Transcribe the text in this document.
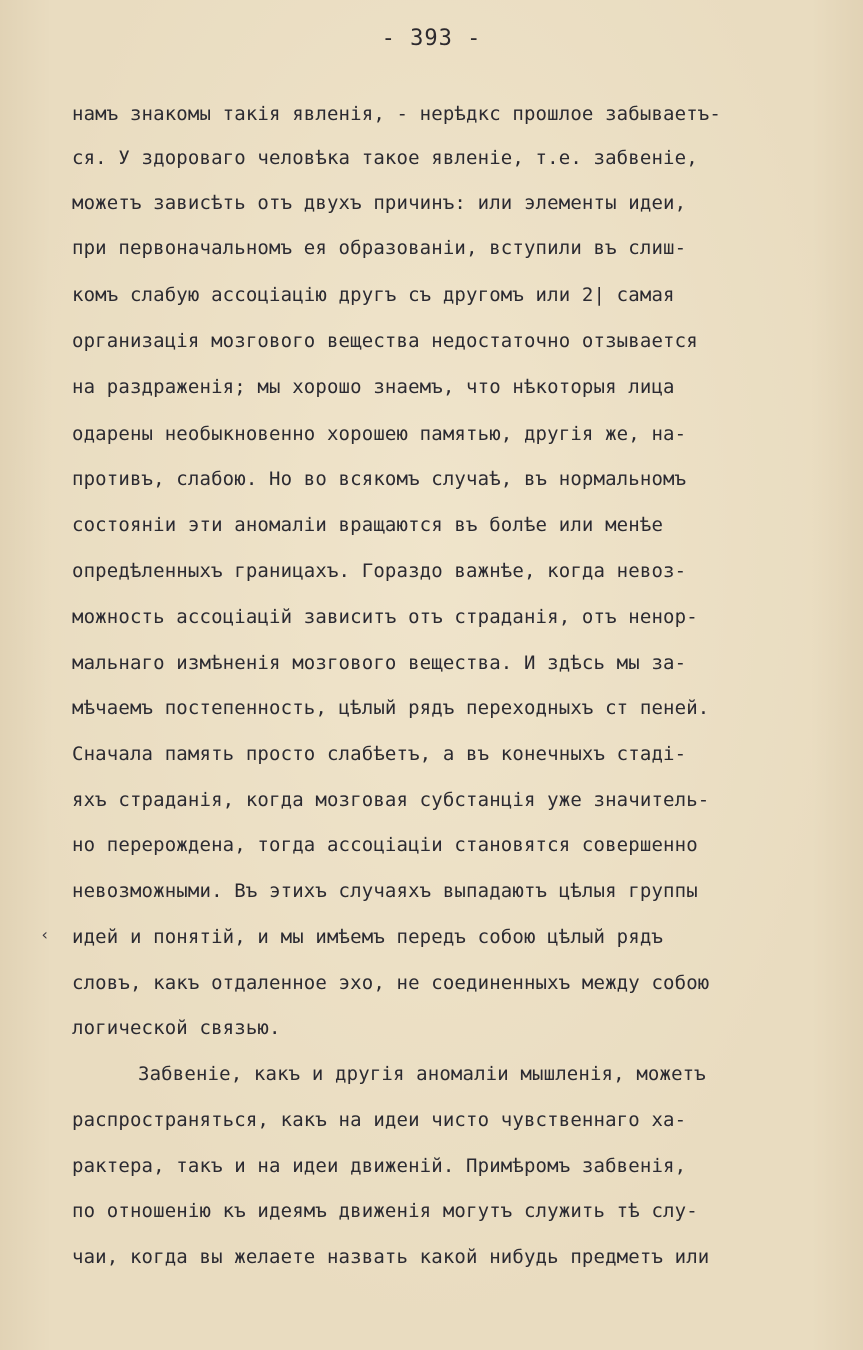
- 393 -
‹
намъ знакомы такія явленія, - нерѣдкс прошлое забываетъ-
ся. У здороваго человѣка такое явленіе, т.е. забвеніе,
можетъ зависѣть отъ двухъ причинъ: или элементы идеи,
при первоначальномъ ея образованіи, вступили въ слиш-
комъ слабую ассоціацію другъ съ другомъ или 2| самая
организація мозгового вещества недостаточно отзывается
на раздраженія; мы хорошо знаемъ, что нѣкоторыя лица
одарены необыкновенно хорошею памятью, другія же, на-
противъ, слабою. Но во всякомъ случаѣ, въ нормальномъ
состояніи эти аномаліи вращаются въ болѣе или менѣе
опредѣленныхъ границахъ. Гораздо важнѣе, когда невоз-
можность ассоціацій зависитъ отъ страданія, отъ ненор-
мальнаго измѣненія мозгового вещества. И здѣсь мы за-
мѣчаемъ постепенность, цѣлый рядъ переходныхъ ст пеней.
Сначала память просто слабѣетъ, а въ конечныхъ стаді-
яхъ страданія, когда мозговая субстанція уже значитель-
но перерождена, тогда ассоціаціи становятся совершенно
невозможными. Въ этихъ случаяхъ выпадаютъ цѣлыя группы
идей и понятій, и мы имѣемъ передъ собою цѣлый рядъ
словъ, какъ отдаленное эхо, не соединенныхъ между собою
логической связью.
Забвеніе, какъ и другія аномаліи мышленія, можетъ
распространяться, какъ на идеи чисто чувственнаго ха-
рактера, такъ и на идеи движеній. Примѣромъ забвенія,
по отношенію къ идеямъ движенія могутъ служить тѣ слу-
чаи, когда вы желаете назвать какой нибудь предметъ или
